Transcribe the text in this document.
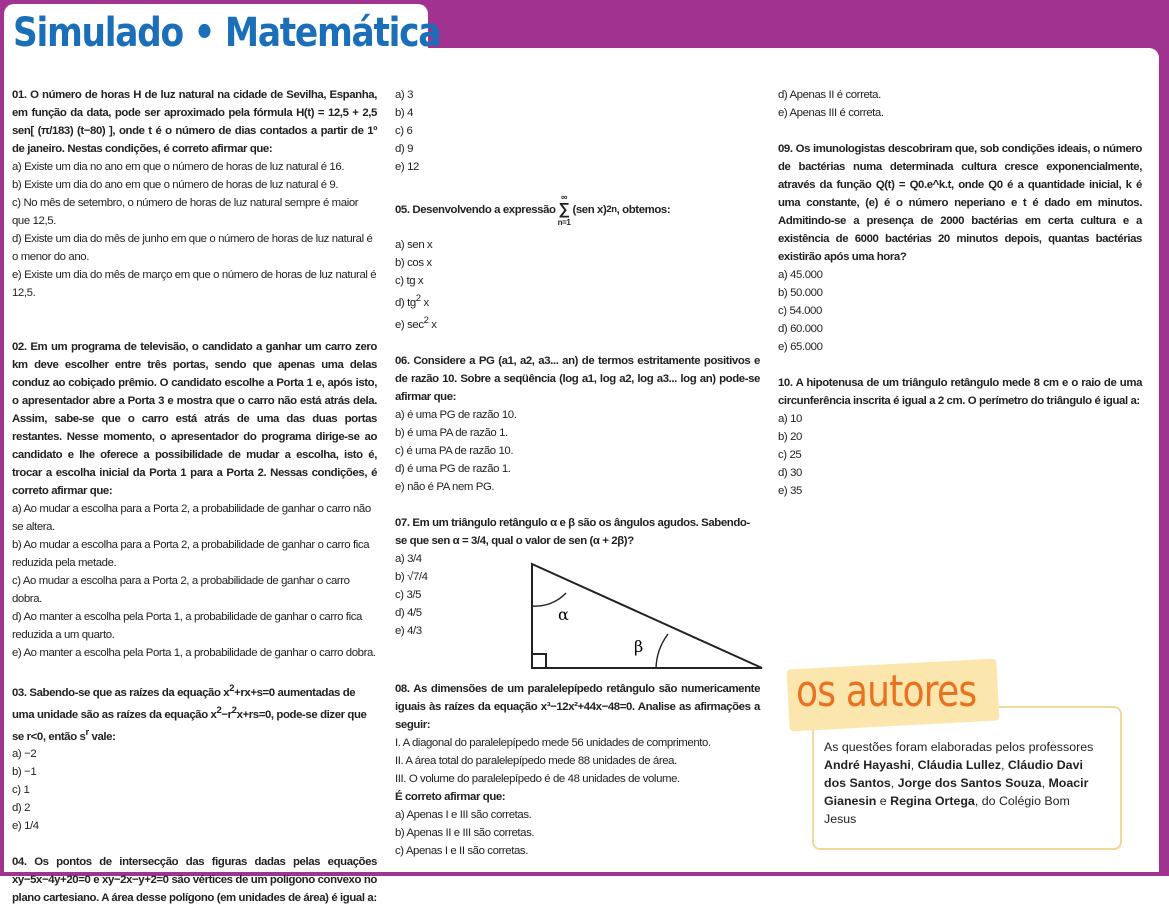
Simulado • Matemática

01. O número de horas H de luz natural na cidade de Sevilha, Espanha, em função da data, pode ser aproximado pela fórmula H(t) = 12,5 + 2,5 sen[ (π/183) (t−80) ], onde t é o número de dias contados a partir de 1º de janeiro. Nestas condições, é correto afirmar que:

a) Existe um dia no ano em que o número de horas de luz natural é 16.

b) Existe um dia do ano em que o número de horas de luz natural é 9.

c) No mês de setembro, o número de horas de luz natural sempre é maior que 12,5.

d) Existe um dia do mês de junho em que o número de horas de luz natural é o menor do ano.

e) Existe um dia do mês de março em que o número de horas de luz natural é 12,5.

02. Em um programa de televisão, o candidato a ganhar um carro zero km deve escolher entre três portas, sendo que apenas uma delas conduz ao cobiçado prêmio. O candidato escolhe a Porta 1 e, após isto, o apresentador abre a Porta 3 e mostra que o carro não está atrás dela. Assim, sabe-se que o carro está atrás de uma das duas portas restantes. Nesse momento, o apresentador do programa dirige-se ao candidato e lhe oferece a possibilidade de mudar a escolha, isto é, trocar a escolha inicial da Porta 1 para a Porta 2. Nessas condições, é correto afirmar que:

a) Ao mudar a escolha para a Porta 2, a probabilidade de ganhar o carro não se altera.

b) Ao mudar a escolha para a Porta 2, a probabilidade de ganhar o carro fica reduzida pela metade.

c) Ao mudar a escolha para a Porta 2, a probabilidade de ganhar o carro dobra.

d) Ao manter a escolha pela Porta 1, a probabilidade de ganhar o carro fica reduzida a um quarto.

e) Ao manter a escolha pela Porta 1, a probabilidade de ganhar o carro dobra.

03. Sabendo-se que as raízes da equação $x^2+rx+s=0$ aumentadas de uma unidade são as raízes da equação $x^2-r^2x+rs=0$, pode-se dizer que se r<0, então $s^r$ vale:

a) −2

b) −1

c) 1

d) 2

e) 1/4

04. Os pontos de intersecção das figuras dadas pelas equações xy−5x−4y+20=0 e xy−2x−y+2=0 são vértices de um polígono convexo no plano cartesiano. A área desse polígono (em unidades de área) é igual a:

a) 3

b) 4

c) 6

d) 9

e) 12

05. Desenvolvendo a expressão
∞
∑
n=1
(sen x) 2n , obtemos:

a) sen x

b) cos x

c) tg x

d) $tg^2$ x

e) $\sec^2 x$

06. Considere a PG (a1, a2, a3... an) de termos estritamente positivos e de razão 10. Sobre a seqüência (log a1, log a2, log a3... log an) pode-se afirmar que:

a) é uma PG de razão 10.

b) é uma PA de razão 1.

c) é uma PA de razão 10.

d) é uma PG de razão 1.

e) não é PA nem PG.

07. Em um triângulo retângulo α e β são os ângulos agudos. Sabendo-se que sen α = 3/4, qual o valor de sen (α + 2β)?

a) 3/4

b) √7/4

c) 3/5

d) 4/5

e) 4/3

08. As dimensões de um paralelepípedo retângulo são numericamente iguais às raízes da equação x³−12x²+44x−48=0. Analise as afirmações a seguir:

I. A diagonal do paralelepípedo mede 56 unidades de comprimento.

II. A área total do paralelepípedo mede 88 unidades de área.

III. O volume do paralelepípedo é de 48 unidades de volume.

É correto afirmar que:

a) Apenas I e III são corretas.

b) Apenas II e III são corretas.

c) Apenas I e II são corretas.

α
β

d) Apenas II é correta.

e) Apenas III é correta.

09. Os imunologistas descobriram que, sob condições ideais, o número de bactérias numa determinada cultura cresce exponencialmente, através da função Q(t) = Q0.e^k.t, onde Q0 é a quantidade inicial, k é uma constante, (e) é o número neperiano e t é dado em minutos. Admitindo-se a presença de 2000 bactérias em certa cultura e a existência de 6000 bactérias 20 minutos depois, quantas bactérias existirão após uma hora?

a) 45.000

b) 50.000

c) 54.000

d) 60.000

e) 65.000

10. A hipotenusa de um triângulo retângulo mede 8 cm e o raio de uma circunferência inscrita é igual a 2 cm. O perímetro do triângulo é igual a:

a) 10

b) 20

c) 25

d) 30

e) 35

os autores
As questões foram elaboradas pelos professores André Hayashi, Cláudia Lullez, Cláudio Davi dos Santos, Jorge dos Santos Souza, Moacir Gianesin e Regina Ortega, do Colégio Bom Jesus
